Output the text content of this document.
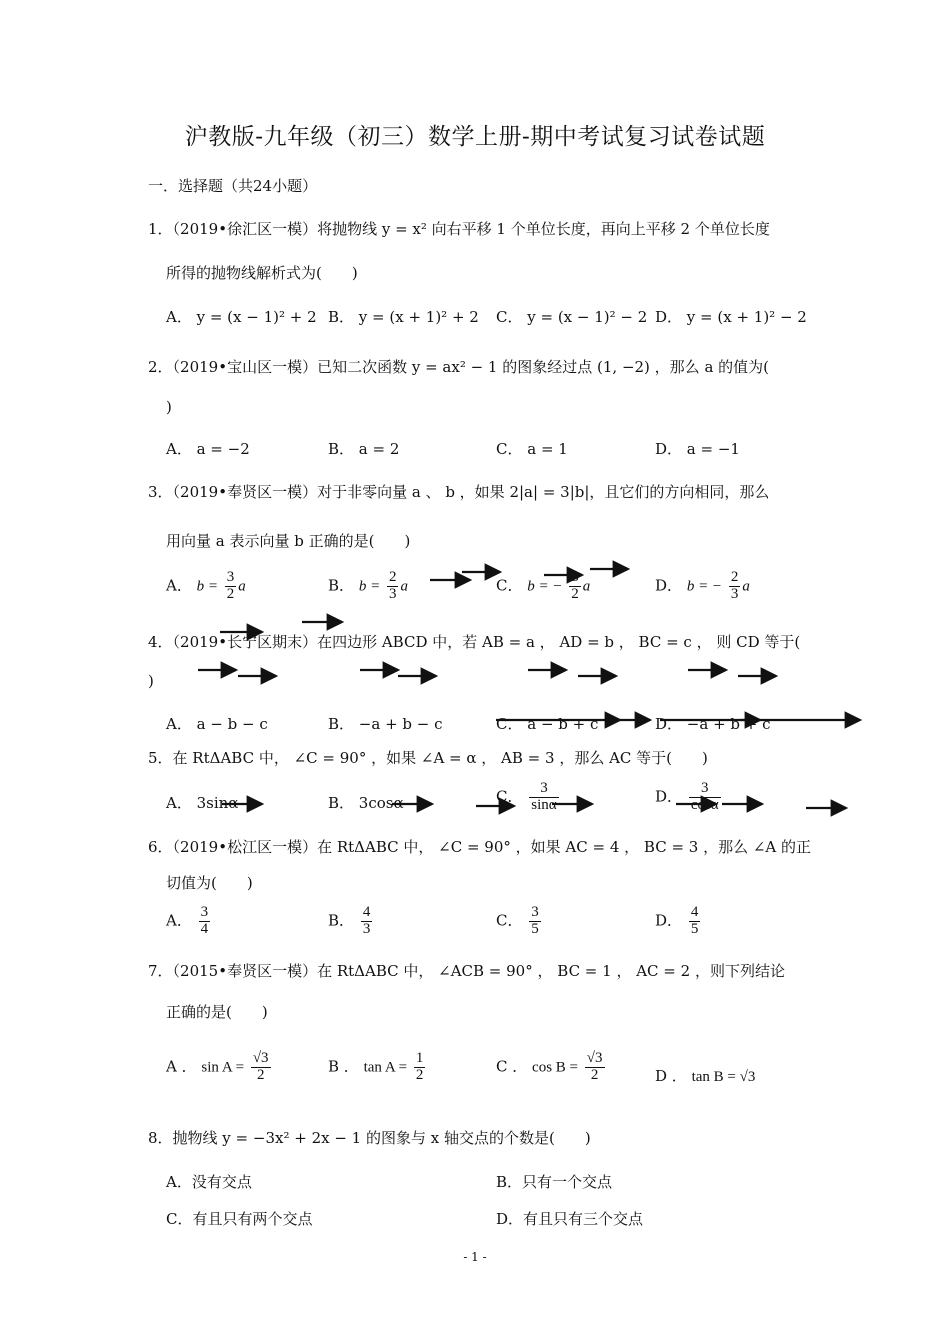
沪教版-九年级（初三）数学上册-期中考试复习试卷试题
一．选择题（共24小题）
1．（2019•徐汇区一模）将抛物线 y = x² 向右平移 1 个单位长度，再向上平移 2 个单位长度
所得的抛物线解析式为(　　)
A． y = (x − 1)² + 2 B． y = (x + 1)² + 2 C． y = (x − 1)² − 2 D． y = (x + 1)² − 2
2．（2019•宝山区一模）已知二次函数 y = ax² − 1 的图象经过点 (1, −2) ，那么 a 的值为(
)
A． a = −2	B． a = 2	C． a = 1	D． a = −1
3．（2019•奉贤区一模）对于非零向量 a 、 b ，如果 2|a| = 3|b|，且它们的方向相同，那么
用向量 a 表示向量 b 正确的是(　　)
A． $b = \frac{3}{2}$ a	B． $b = \frac{2}{3}$ a	C． b = − $\frac{3}{2}$ a	D． b = − $\frac{2}{3}$ a
4．（2019•长宁区期末）在四边形 ABCD 中，若 AB = a ， AD = b ， BC = c ， 则 CD 等于(
)
A． a − b − c	B． −a + b − c	C． a − b + c	D． −a + b + c
5．在 RtΔABC 中， ∠C = 90° ，如果 ∠A = α ， AB = 3 ，那么 AC 等于(　　)
A． 3sinα	B． 3cosα	C． $\frac{3}{\sin\alpha}$	D． $\frac{3}{\cos\alpha}$
6．（2019•松江区一模）在 RtΔABC 中， ∠C = 90° ，如果 AC = 4 ， BC = 3 ，那么 ∠A 的正
切值为(　　)
A． $\frac{3}{4}$	B． $\frac{4}{3}$	C． $\frac{3}{5}$	D． $\frac{4}{5}$
7．（2015•奉贤区一模）在 RtΔABC 中， ∠ACB = 90° ， BC = 1 ， AC = 2 ，则下列结论
正确的是(　　)
A ． $\sin A = \frac{√3}{2}$	B ． $\tan A = \frac{1}{2}$	C ． $\cos B = \frac{√3}{2}$	D ． tan B = √3
8．抛物线 y = −3x² + 2x − 1 的图象与 x 轴交点的个数是(　　)
A．没有交点	B．只有一个交点
C．有且只有两个交点	D．有且只有三个交点
- 1 -
